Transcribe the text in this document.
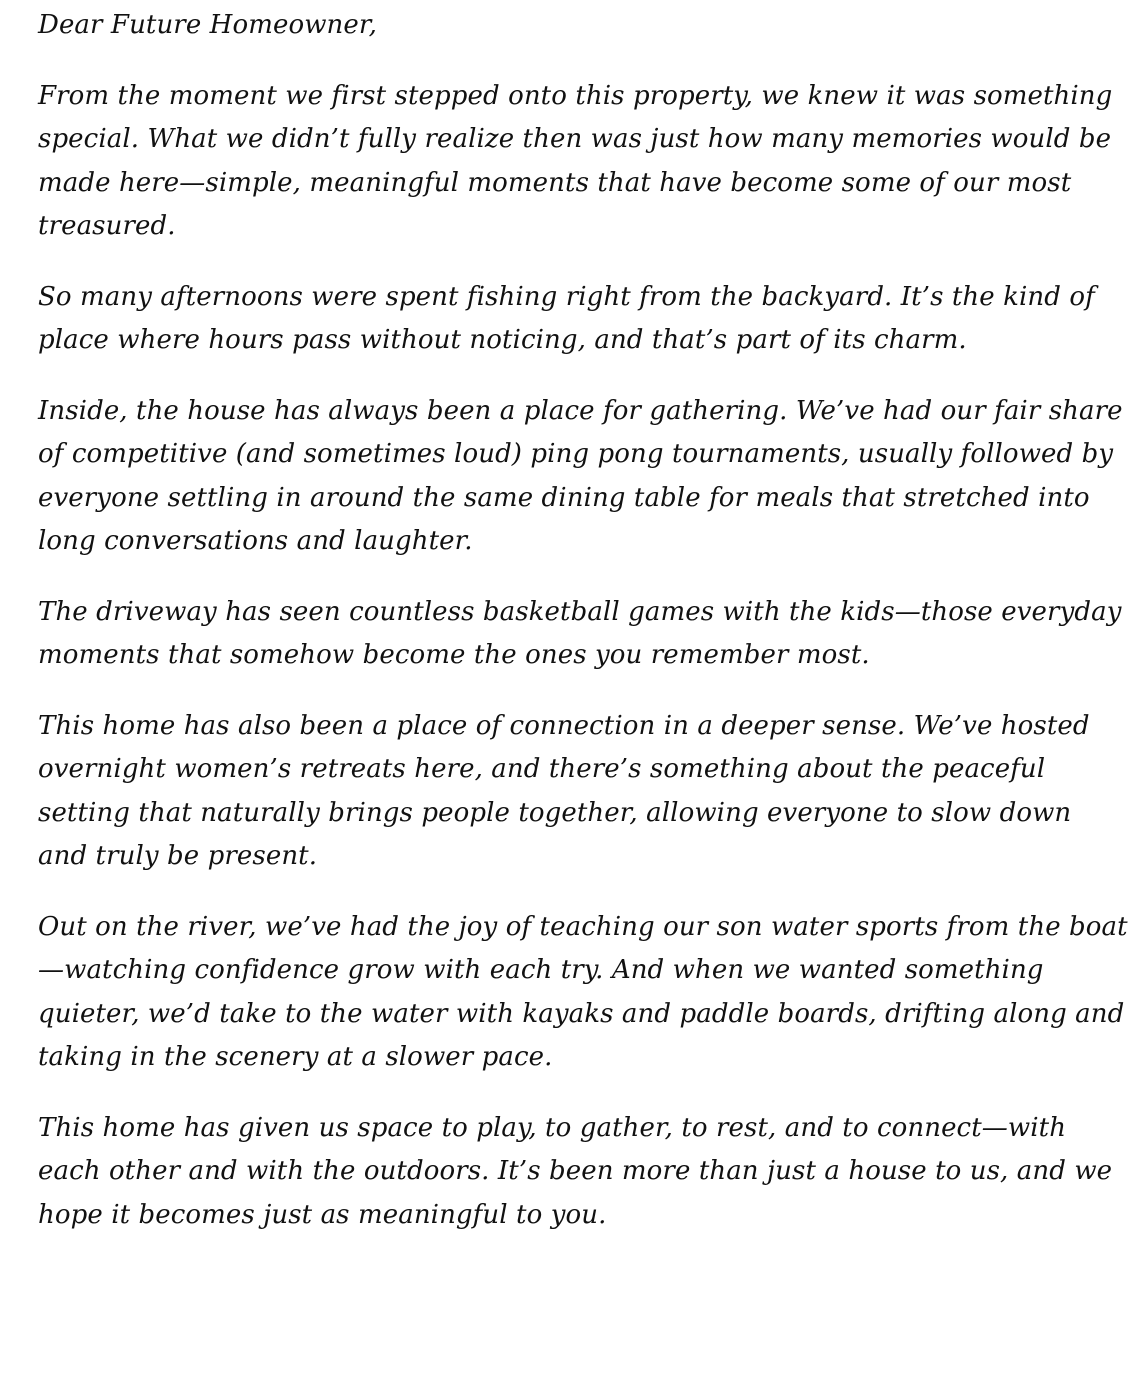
Dear Future Homeowner,

From the moment we first stepped onto this property, we knew it was something special. What we didn’t fully realize then was just how many memories would be made here—simple, meaningful moments that have become some of our most treasured.

So many afternoons were spent fishing right from the backyard. It’s the kind of place where hours pass without noticing, and that’s part of its charm.

Inside, the house has always been a place for gathering. We’ve had our fair share of competitive (and sometimes loud) ping pong tournaments, usually followed by everyone settling in around the same dining table for meals that stretched into long conversations and laughter.

The driveway has seen countless basketball games with the kids—those everyday moments that somehow become the ones you remember most.

This home has also been a place of connection in a deeper sense. We’ve hosted overnight women’s retreats here, and there’s something about the peaceful setting that naturally brings people together, allowing everyone to slow down and truly be present.

Out on the river, we’ve had the joy of teaching our son water sports from the boat—watching confidence grow with each try. And when we wanted something quieter, we’d take to the water with kayaks and paddle boards, drifting along and taking in the scenery at a slower pace.

This home has given us space to play, to gather, to rest, and to connect—with each other and with the outdoors. It’s been more than just a house to us, and we hope it becomes just as meaningful to you.
